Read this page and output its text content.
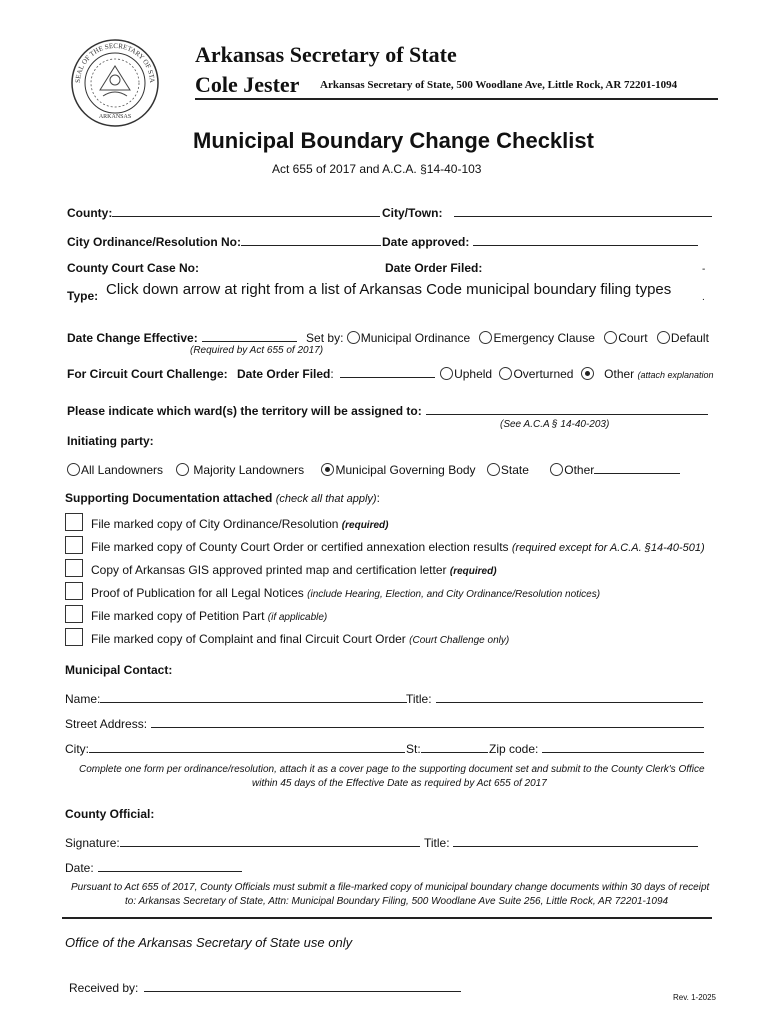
SEAL OF THE SECRETARY OF STA
ARKANSAS
Arkansas Secretary of State
Cole Jester Arkansas Secretary of State, 500 Woodlane Ave, Little Rock, AR 72201-1094
Municipal Boundary Change Checklist
Act 655 of 2017 and A.C.A. §14-40-103
County:	City/Town:
City Ordinance/Resolution No:	Date approved:
County Court Case No:	Date Order Filed:	-
Type: Click down arrow at right from a list of Arkansas Code municipal boundary filing types	.
Date Change Effective:	Set by: Municipal Ordinance Emergency Clause Court Default
(Required by Act 655 of 2017)
For Circuit Court Challenge: Date Order Filed:	Upheld Overturned	Other (attach explanation
Please indicate which ward(s) the territory will be assigned to:
(See A.C.A § 14-40-203)
Initiating party:
All Landowners	Majority Landowners	Municipal Governing Body State	Other
Supporting Documentation attached (check all that apply):
File marked copy of City Ordinance/Resolution (required)
File marked copy of County Court Order or certified annexation election results (required except for A.C.A. §14-40-501)
Copy of Arkansas GIS approved printed map and certification letter (required)
Proof of Publication for all Legal Notices (include Hearing, Election, and City Ordinance/Resolution notices)
File marked copy of Petition Part (if applicable)
File marked copy of Complaint and final Circuit Court Order (Court Challenge only)
Municipal Contact:
Name:	Title:
Street Address:
City:	St:	Zip code:
Complete one form per ordinance/resolution, attach it as a cover page to the supporting document set and submit to the County Clerk's Office
within 45 days of the Effective Date as required by Act 655 of 2017
County Official:
Signature:	Title:
Date:
Pursuant to Act 655 of 2017, County Officials must submit a file-marked copy of municipal boundary change documents within 30 days of receipt
to: Arkansas Secretary of State, Attn: Municipal Boundary Filing, 500 Woodlane Ave Suite 256, Little Rock, AR 72201-1094
Office of the Arkansas Secretary of State use only
Received by:
Rev. 1-2025
